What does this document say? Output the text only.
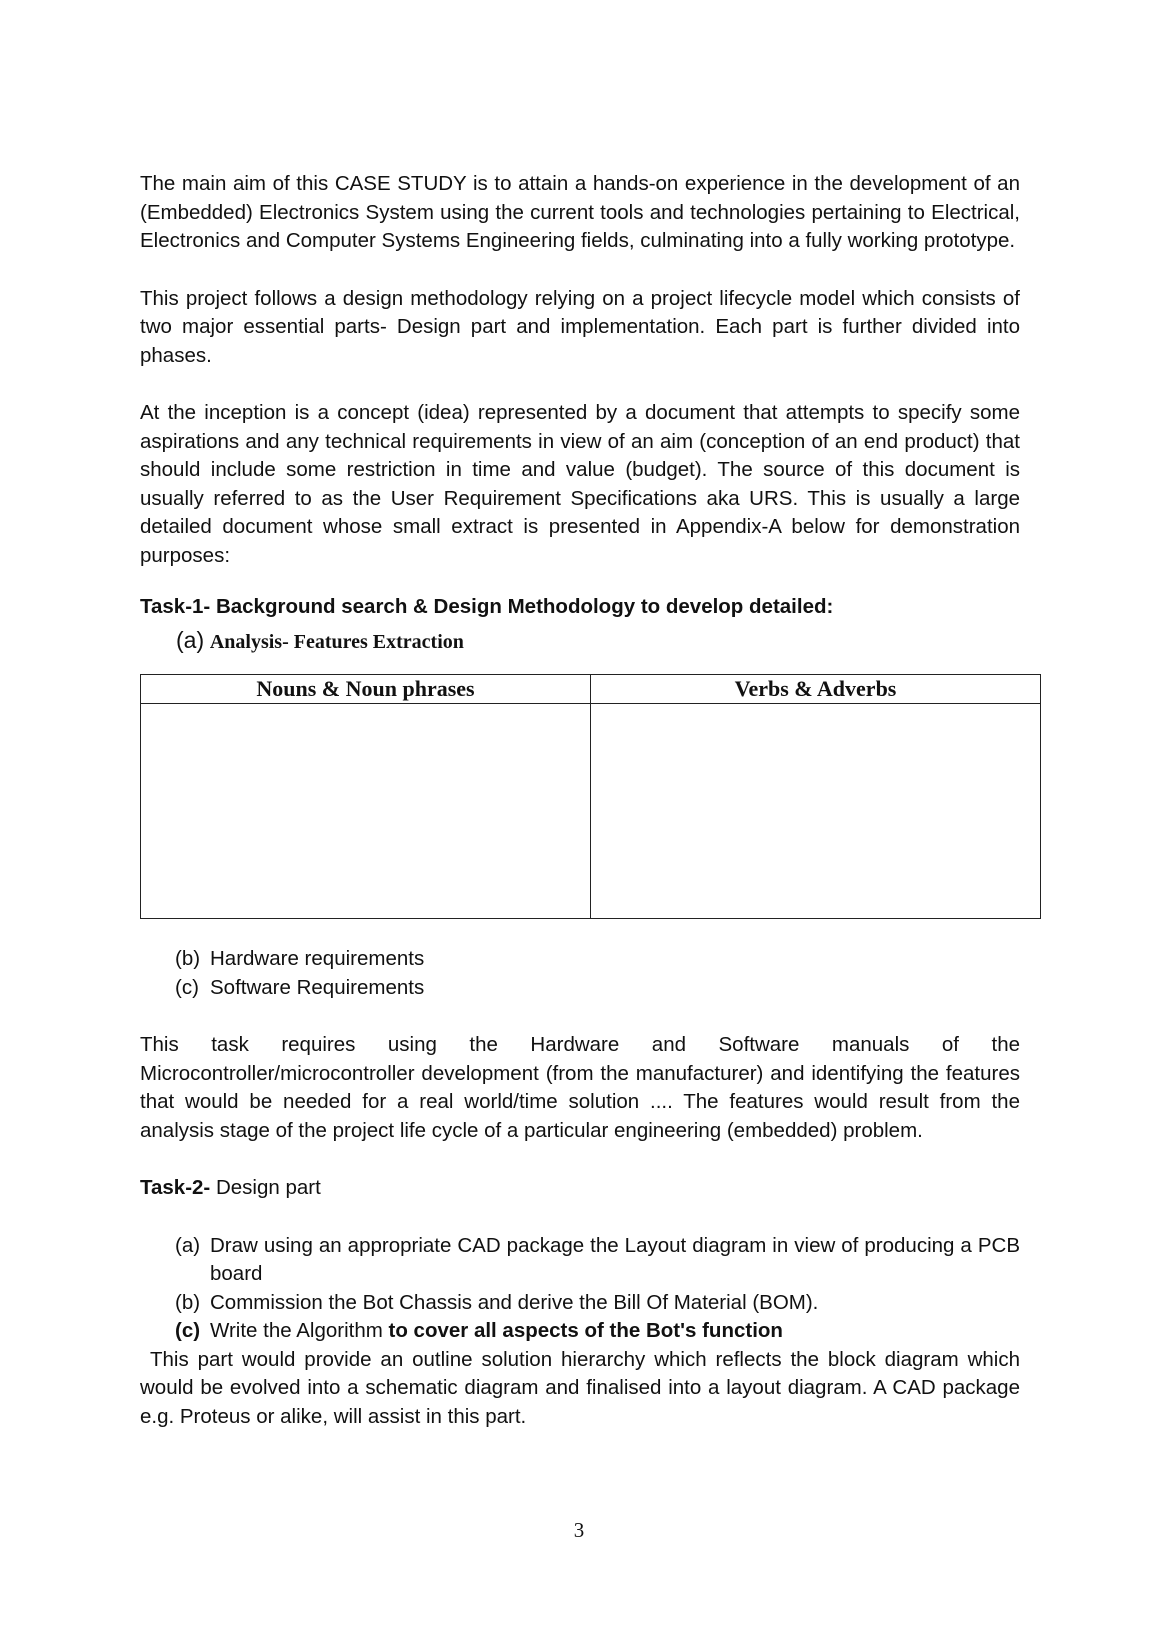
The main aim of this CASE STUDY is to attain a hands-on experience in the development of an (Embedded) Electronics System using the current tools and technologies pertaining to Electrical, Electronics and Computer Systems Engineering fields, culminating into a fully working prototype.

This project follows a design methodology relying on a project lifecycle model which consists of two major essential parts- Design part and implementation. Each part is further divided into phases.

At the inception is a concept (idea) represented by a document that attempts to specify some aspirations and any technical requirements in view of an aim (conception of an end product) that should include some restriction in time and value (budget). The source of this document is usually referred to as the User Requirement Specifications aka URS. This is usually a large detailed document whose small extract is presented in Appendix-A below for demonstration purposes:

Task-1- Background search & Design Methodology to develop detailed:

(a) Analysis- Features Extraction
Nouns & Noun phrases	Verbs & Adverbs

(b) Hardware requirements
(c) Software Requirements

This task requires using the Hardware and Software manuals of the Microcontroller/microcontroller development (from the manufacturer) and identifying the features that would be needed for a real world/time solution .... The features would result from the analysis stage of the project life cycle of a particular engineering (embedded) problem.

Task-2- Design part

(a) Draw using an appropriate CAD package the Layout diagram in view of producing a PCB board
(b) Commission the Bot Chassis and derive the Bill Of Material (BOM).
(c) Write the Algorithm to cover all aspects of the Bot's function

This part would provide an outline solution hierarchy which reflects the block diagram which would be evolved into a schematic diagram and finalised into a layout diagram. A CAD package e.g. Proteus or alike, will assist in this part.

3
